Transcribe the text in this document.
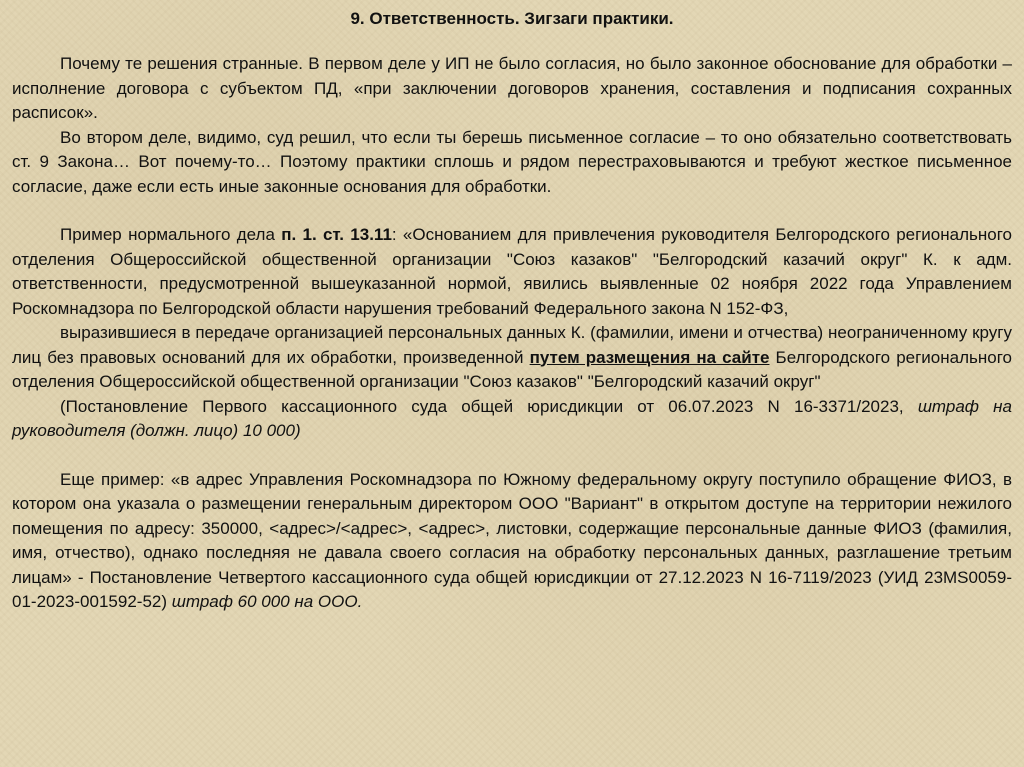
9. Ответственность. Зигзаги практики.

Почему те решения странные. В первом деле у ИП не было согласия, но было законное обоснование для обработки – исполнение договора с субъектом ПД, «при заключении договоров хранения, составления и подписания сохранных расписок».

Во втором деле, видимо, суд решил, что если ты берешь письменное согласие – то оно обязательно соответствовать ст. 9 Закона… Вот почему-то… Поэтому практики сплошь и рядом перестраховываются и требуют жесткое письменное согласие, даже если есть иные законные основания для обработки.

Пример нормального дела п. 1. ст. 13.11: «Основанием для привлечения руководителя Белгородского регионального отделения Общероссийской общественной организации "Союз казаков" "Белгородский казачий округ" К. к адм. ответственности, предусмотренной вышеуказанной нормой, явились выявленные 02 ноября 2022 года Управлением Роскомнадзора по Белгородской области нарушения требований Федерального закона N 152-ФЗ,

выразившиеся в передаче организацией персональных данных К. (фамилии, имени и отчества) неограниченному кругу лиц без правовых оснований для их обработки, произведенной путем размещения на сайте Белгородского регионального отделения Общероссийской общественной организации "Союз казаков" "Белгородский казачий округ"

(Постановление Первого кассационного суда общей юрисдикции от 06.07.2023 N 16-3371/2023, штраф на руководителя (должн. лицо) 10 000)

Еще пример: «в адрес Управления Роскомнадзора по Южному федеральному округу поступило обращение ФИОЗ, в котором она указала о размещении генеральным директором ООО "Вариант" в открытом доступе на территории нежилого помещения по адресу: 350000, <адрес>/<адрес>, <адрес>, листовки, содержащие персональные данные ФИОЗ (фамилия, имя, отчество), однако последняя не давала своего согласия на обработку персональных данных, разглашение третьим лицам» - Постановление Четвертого кассационного суда общей юрисдикции от 27.12.2023 N 16-7119/2023 (УИД 23MS0059-01-2023-001592-52) штраф 60 000 на ООО.
